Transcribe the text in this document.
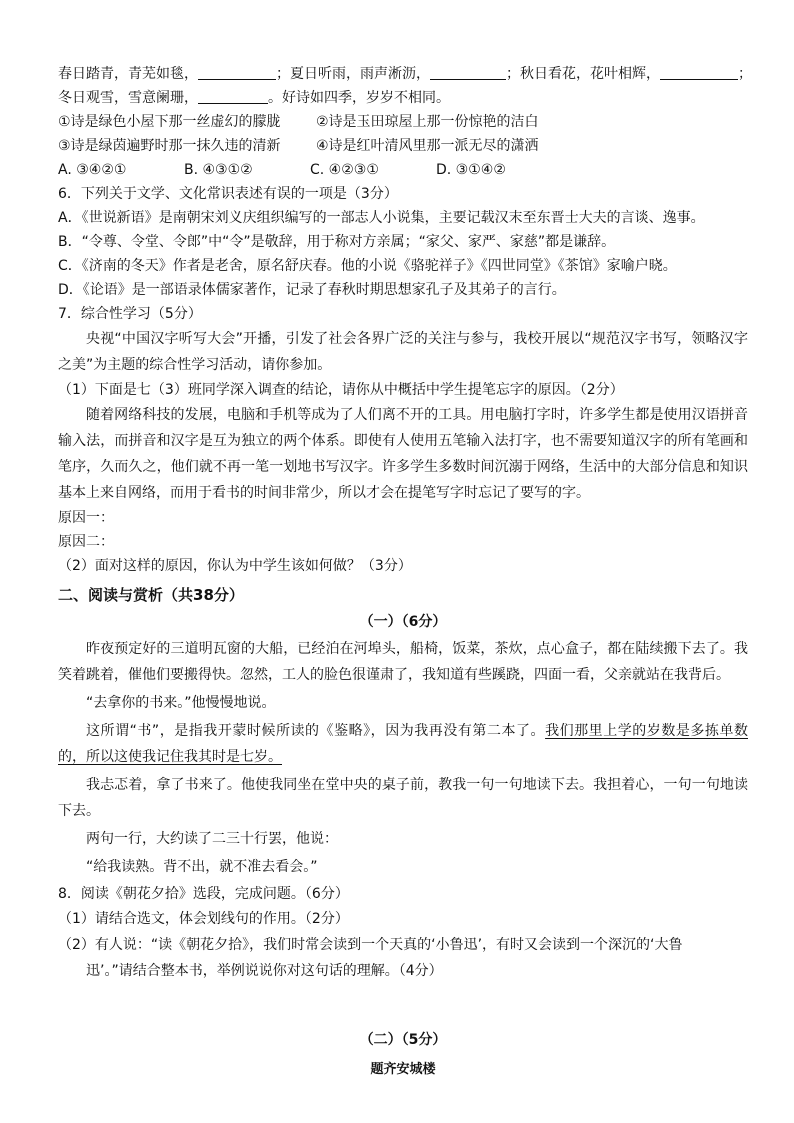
春日踏青，青芜如毯，	；夏日听雨，雨声淅沥，	；秋日看花，花叶相辉，	；
冬日观雪，雪意阑珊，	。好诗如四季，岁岁不相同。
①诗是绿色小屋下那一丝虚幻的朦胧	②诗是玉田琼屋上那一份惊艳的洁白
③诗是绿茵遍野时那一抹久违的清新	④诗是红叶清风里那一派无尽的潇洒
A. ③④②①	B. ④③①②	C. ④②③①	D. ③①④②
6．下列关于文学、文化常识表述有误的一项是（3分）
A．《世说新语》是南朝宋刘义庆组织编写的一部志人小说集，主要记载汉末至东晋士大夫的言谈、逸事。
B．“令尊、令堂、令郎”中“令”是敬辞，用于称对方亲属；“家父、家严、家慈”都是谦辞。
C．《济南的冬天》作者是老舍，原名舒庆春。他的小说《骆驼祥子》《四世同堂》《茶馆》家喻户晓。
D．《论语》是一部语录体儒家著作，记录了春秋时期思想家孔子及其弟子的言行。
7．综合性学习（5分）
央视“中国汉字听写大会”开播，引发了社会各界广泛的关注与参与，我校开展以“规范汉字书写，领略汉字之美”为主题的综合性学习活动，请你参加。
（1）下面是七（3）班同学深入调查的结论，请你从中概括中学生提笔忘字的原因。（2分）
随着网络科技的发展，电脑和手机等成为了人们离不开的工具。用电脑打字时，许多学生都是使用汉语拼音输入法，而拼音和汉字是互为独立的两个体系。即使有人使用五笔输入法打字，也不需要知道汉字的所有笔画和笔序，久而久之，他们就不再一笔一划地书写汉字。许多学生多数时间沉溺于网络，生活中的大部分信息和知识基本上来自网络，而用于看书的时间非常少，所以才会在提笔写字时忘记了要写的字。
原因一：
原因二：
（2）面对这样的原因，你认为中学生该如何做？（3分）
二、阅读与赏析（共38分）
（一）（6分）
昨夜预定好的三道明瓦窗的大船，已经泊在河埠头，船椅，饭菜，茶炊，点心盒子，都在陆续搬下去了。我笑着跳着，催他们要搬得快。忽然，工人的脸色很谨肃了，我知道有些蹊跷，四面一看，父亲就站在我背后。
“去拿你的书来。”他慢慢地说。
这所谓“书”，是指我开蒙时候所读的《鉴略》，因为我再没有第二本了。我们那里上学的岁数是多拣单数的，所以这使我记住我其时是七岁。
我忐忑着，拿了书来了。他使我同坐在堂中央的桌子前，教我一句一句地读下去。我担着心，一句一句地读下去。
两句一行，大约读了二三十行罢，他说：
“给我读熟。背不出，就不准去看会。”
8．阅读《朝花夕拾》选段，完成问题。（6分）
（1）请结合选文，体会划线句的作用。（2分）
（2）有人说：“读《朝花夕拾》，我们时常会读到一个天真的‘小鲁迅’，有时又会读到一个深沉的‘大鲁
迅’。”请结合整本书，举例说说你对这句话的理解。（4分）
（二）（5分）
题齐安城楼
